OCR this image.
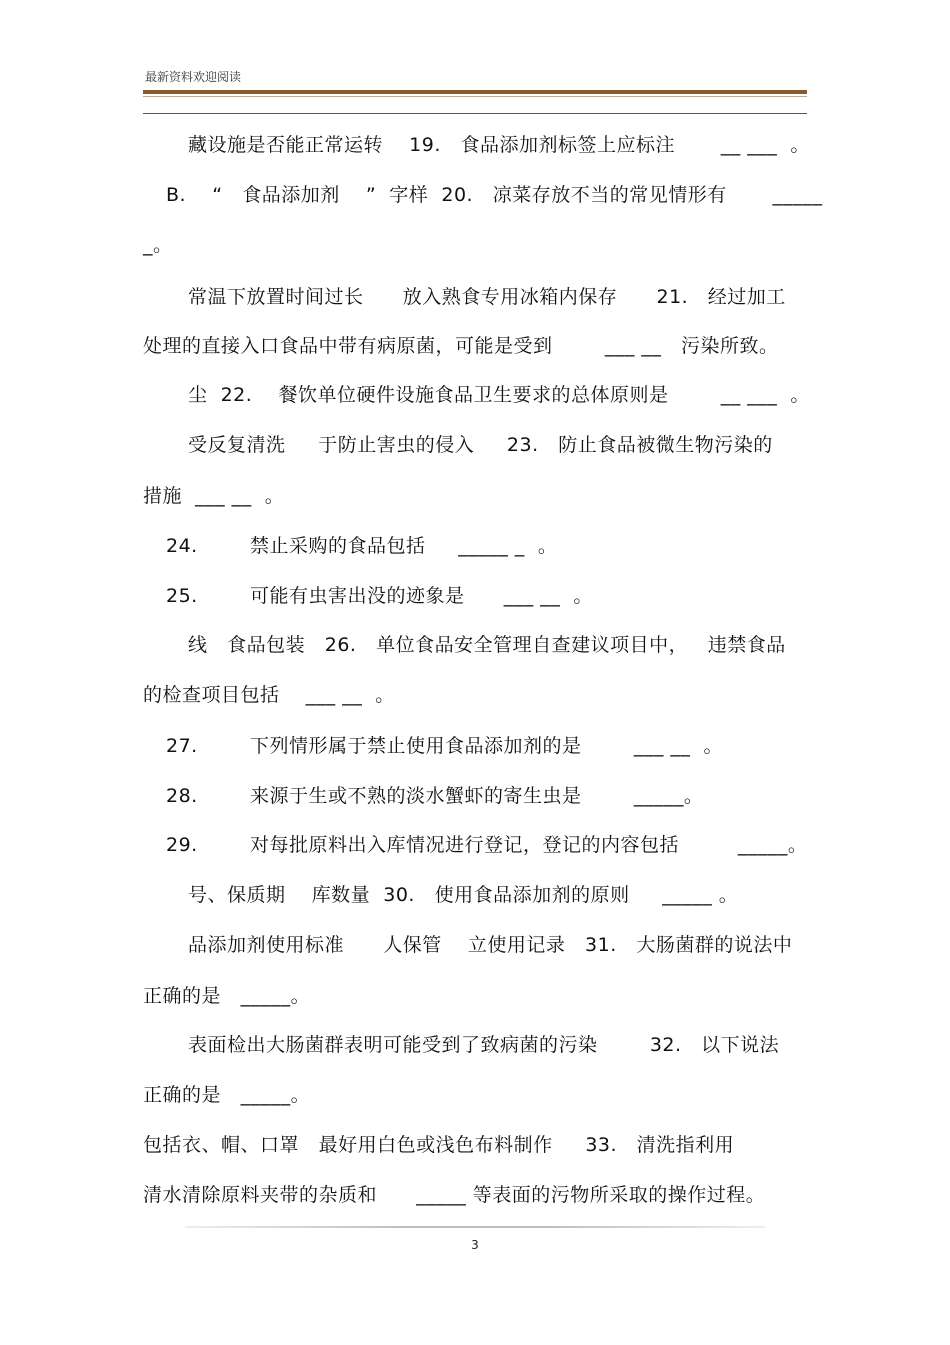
最新资料欢迎阅读
藏设施是否能正常运转    19.   食品添加剂标签上应标注       __ ___  。
B.    “   食品添加剂    ”  字样  20.   凉菜存放不当的常见情形有       _____
_。
常温下放置时间过长      放入熟食专用冰箱内保存      21.   经过加工
处理的直接入口食品中带有病原菌，可能是受到        ___ __   污染所致。
尘  22.    餐饮单位硬件设施食品卫生要求的总体原则是        __ ___  。
受反复清洗     于防止害虫的侵入     23.   防止食品被微生物污染的
措施  ___ __  。
24.        禁止采购的食品包括     _____ _  。
25.        可能有虫害出没的迹象是      ___ __  。
线   食品包装   26.   单位食品安全管理自查建议项目中，   违禁食品
的检查项目包括    ___ __  。
27.        下列情形属于禁止使用食品添加剂的是        ___ __  。
28.        来源于生或不熟的淡水蟹虾的寄生虫是        _____。
29.        对每批原料出入库情况进行登记，登记的内容包括         _____。
号、保质期    库数量  30.   使用食品添加剂的原则     _____ 。
品添加剂使用标准      人保管    立使用记录   31.   大肠菌群的说法中
正确的是   _____。
表面检出大肠菌群表明可能受到了致病菌的污染        32.   以下说法
正确的是   _____。
包括衣、帽、口罩   最好用白色或浅色布料制作     33.   清洗指利用
清水清除原料夹带的杂质和      _____ 等表面的污物所采取的操作过程。
3
